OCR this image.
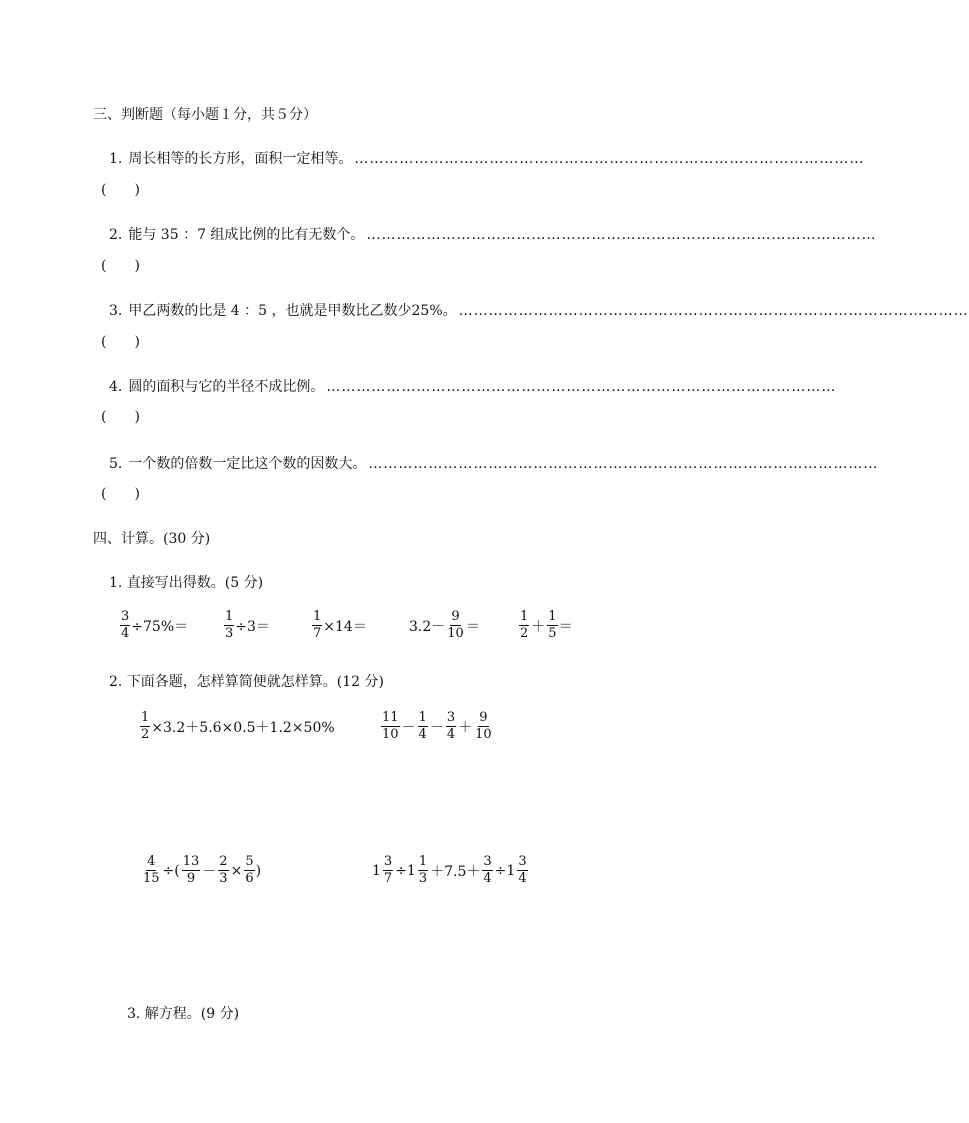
三、判断题（每小题１分，共５分）
1. 周长相等的长方形，面积一定相等。 …………………………………………………………………………………………
(　　)
2. 能与 35 ：7 组成比例的比有无数个。 …………………………………………………………………………………………
(　　)
3. 甲乙两数的比是 4 ：5 ，也就是甲数比乙数少25%。 …………………………………………………………………………………………
(　　)
4. 圆的面积与它的半径不成比例。 …………………………………………………………………………………………
(　　)
5. 一个数的倍数一定比这个数的因数大。 …………………………………………………………………………………………
(　　)
四、计算。(30 分)
1. 直接写出得数。(5 分)
$\frac{3}{4} \div 75\%=$	$\frac{1}{3} \div 3=$	$\frac{1}{7} \times 14=$	$3.2- \frac{9}{10}$ ＝	$\frac{1}{2} + \frac{1}{5}$ ＝
2. 下面各题，怎样算简便就怎样算。(12 分)
$\frac{1}{2} \times 3.2+5.6\times 0.5+1.2\times 50\%$	$\frac{11}{10} - \frac{1}{4} - \frac{3}{4} + \frac{9}{10}$
$\frac{4}{15}$ ÷( $\frac{13}{9} - \frac{2}{3} \times \frac{5}{6}$ )	$1 \frac{3}{7} \div 1 \frac{1}{3} +7.5+ \frac{3}{4} \div 1 \frac{3}{4}$
3. 解方程。(9 分)
